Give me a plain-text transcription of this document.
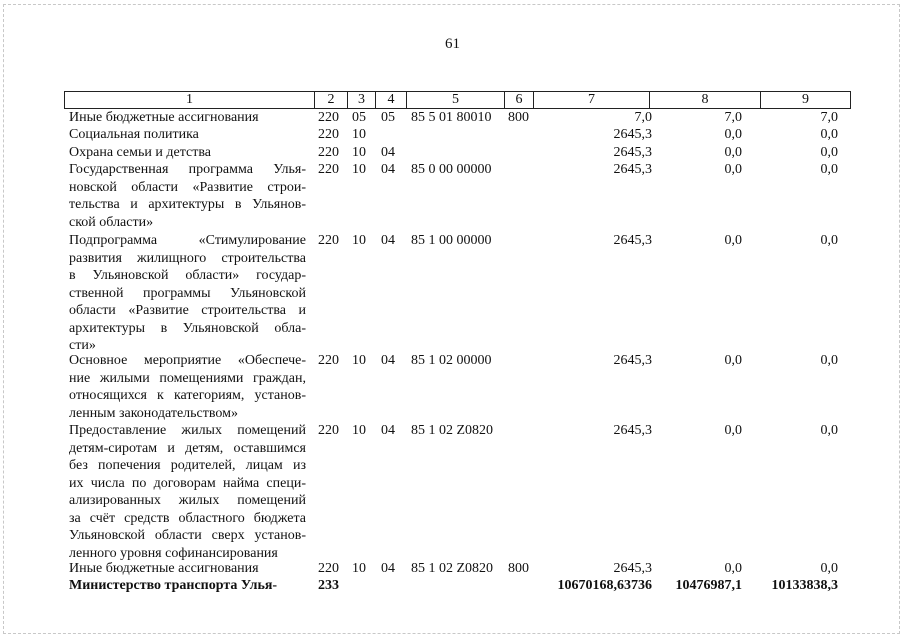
61
1	2	3	4	5	6	7	8	9
Иные бюджетные ассигнования	220 05 05 85 5 01 80010 800	7,0	7,0	7,0
Социальная политика	220 10	2645,3	0,0	0,0
Охрана семьи и детства	220 10 04	2645,3	0,0	0,0
Государственная программа Улья-
новской области «Развитие строи-
тельства и архитектуры в Ульянов-
ской области»
220 10 04 85 0 00 00000	2645,3	0,0	0,0
Подпрограмма «Стимулирование
развития жилищного строительства
в Ульяновской области» государ-
ственной программы Ульяновской
области «Развитие строительства и
архитектуры в Ульяновской обла-
сти»
220 10 04 85 1 00 00000	2645,3	0,0	0,0
Основное мероприятие «Обеспече-
ние жилыми помещениями граждан,
относящихся к категориям, установ-
ленным законодательством»
220 10 04 85 1 02 00000	2645,3	0,0	0,0
Предоставление жилых помещений
детям-сиротам и детям, оставшимся
без попечения родителей, лицам из
их числа по договорам найма специ-
ализированных жилых помещений
за счёт средств областного бюджета
Ульяновской области сверх установ-
ленного уровня софинансирования
220 10 04 85 1 02 Z0820	2645,3	0,0	0,0
Иные бюджетные ассигнования	220 10 04 85 1 02 Z0820 800	2645,3	0,0	0,0
Министерство транспорта Улья-	233	10670168,63736	10476987,1	10133838,3
